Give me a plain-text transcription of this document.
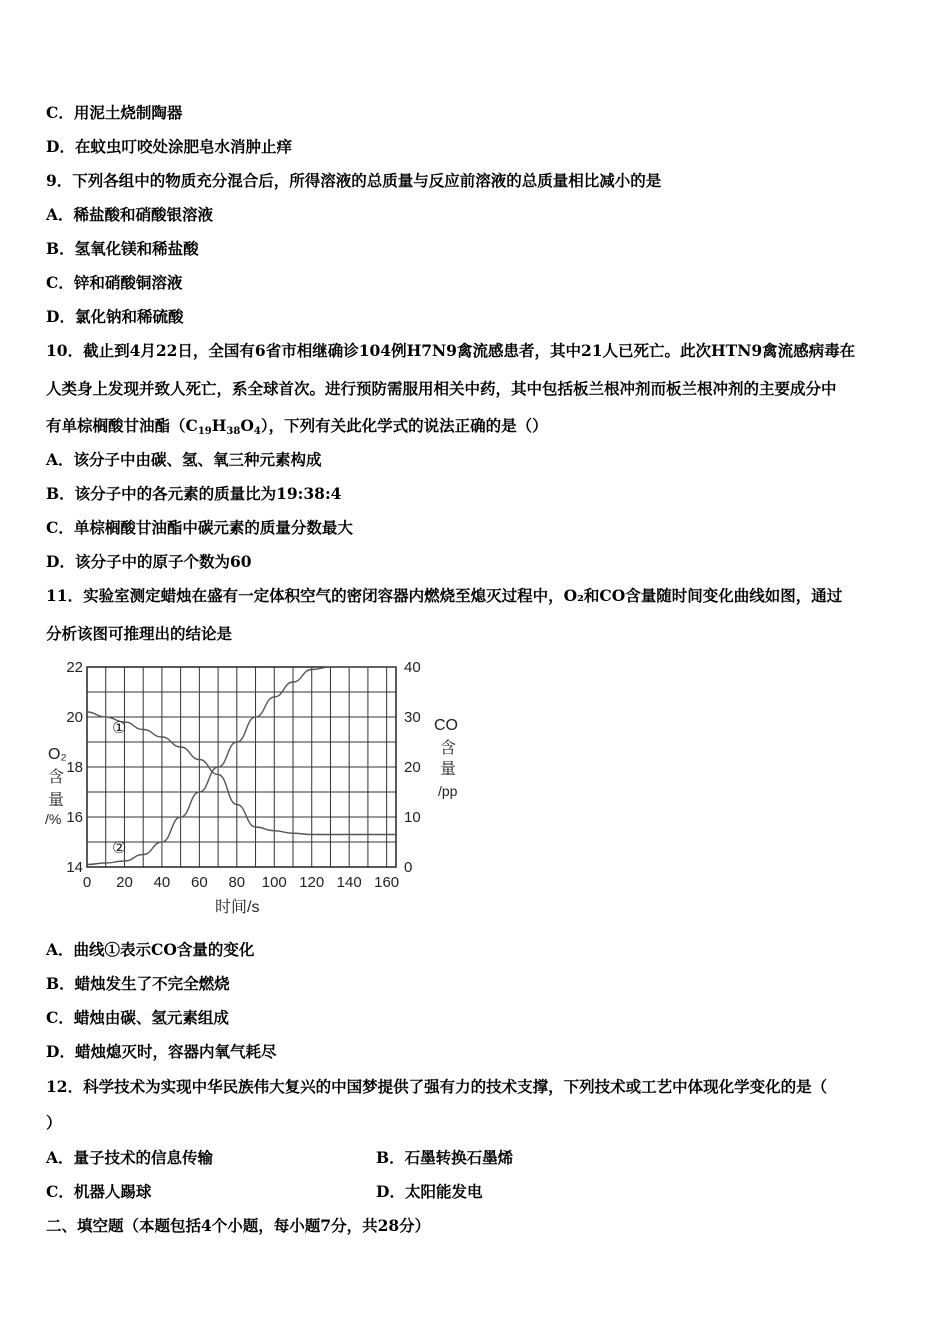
C．用泥土烧制陶器
D．在蚊虫叮咬处涂肥皂水消肿止痒
9．下列各组中的物质充分混合后，所得溶液的总质量与反应前溶液的总质量相比减小的是
A．稀盐酸和硝酸银溶液
B．氢氧化镁和稀盐酸
C．锌和硝酸铜溶液
D．氯化钠和稀硫酸
10．截止到4月22日，全国有6省市相继确诊104例H7N9禽流感患者，其中21人已死亡。此次HTN9禽流感病毒在
人类身上发现并致人死亡，系全球首次。进行预防需服用相关中药，其中包括板兰根冲剂而板兰根冲剂的主要成分中
有单棕榈酸甘油酯$(C_{19}H_{38}O_4)$，下列有关此化学式的说法正确的是（）
A．该分子中由碳、氢、氧三种元素构成
B．该分子中的各元素的质量比为19:38:4
C．单棕榈酸甘油酯中碳元素的质量分数最大
D．该分子中的原子个数为60
11．实验室测定蜡烛在盛有一定体积空气的密闭容器内燃烧至熄灭过程中，O₂和CO含量随时间变化曲线如图，通过
分析该图可推理出的结论是
0 20 40 60 80 100 120 140 160
14
16
18
20
22
0
10
20
30
40
O₂
含
量
/%
CO
含
量
/pp
时间/s
①
②
A．曲线①表示CO含量的变化
B．蜡烛发生了不完全燃烧
C．蜡烛由碳、氢元素组成
D．蜡烛熄灭时，容器内氧气耗尽
12．科学技术为实现中华民族伟大复兴的中国梦提供了强有力的技术支撑，下列技术或工艺中体现化学变化的是（
）
A．量子技术的信息传输	B．石墨转换石墨烯
C．机器人踢球	D．太阳能发电
二、填空题（本题包括4个小题，每小题7分，共28分）
